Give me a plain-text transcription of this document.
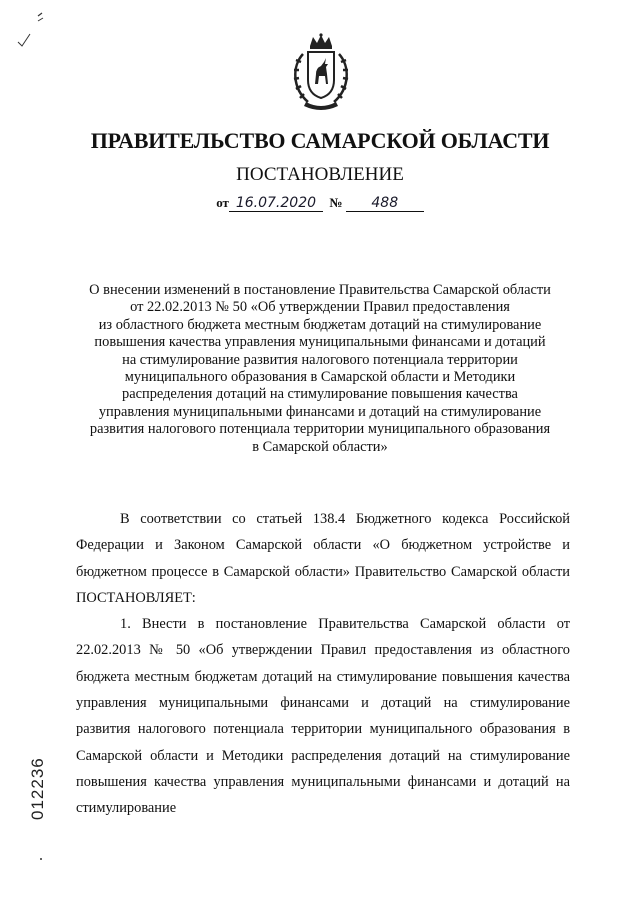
ПРАВИТЕЛЬСТВО САМАРСКОЙ ОБЛАСТИ
ПОСТАНОВЛЕНИЕ
от 16.07.2020 № 488
О внесении изменений в постановление Правительства Самарской области
от 22.02.2013 № 50 «Об утверждении Правил предоставления
из областного бюджета местным бюджетам дотаций на стимулирование
повышения качества управления муниципальными финансами и дотаций
на стимулирование развития налогового потенциала территории
муниципального образования в Самарской области и Методики
распределения дотаций на стимулирование повышения качества
управления муниципальными финансами и дотаций на стимулирование
развития налогового потенциала территории муниципального образования
в Самарской области»

В соответствии со статьей 138.4 Бюджетного кодекса Российской Федерации и Законом Самарской области «О бюджетном устройстве и бюджетном процессе в Самарской области» Правительство Самарской области ПОСТАНОВЛЯЕТ:

1. Внести в постановление Правительства Самарской области от 22.02.2013 № 50 «Об утверждении Правил предоставления из областного бюджета местным бюджетам дотаций на стимулирование повышения качества управления муниципальными финансами и дотаций на стимулирование развития налогового потенциала территории муниципального образования в Самарской области и Методики распределения дотаций на стимулирование повышения качества управления муниципальными финансами и дотаций на стимулирование

012236
